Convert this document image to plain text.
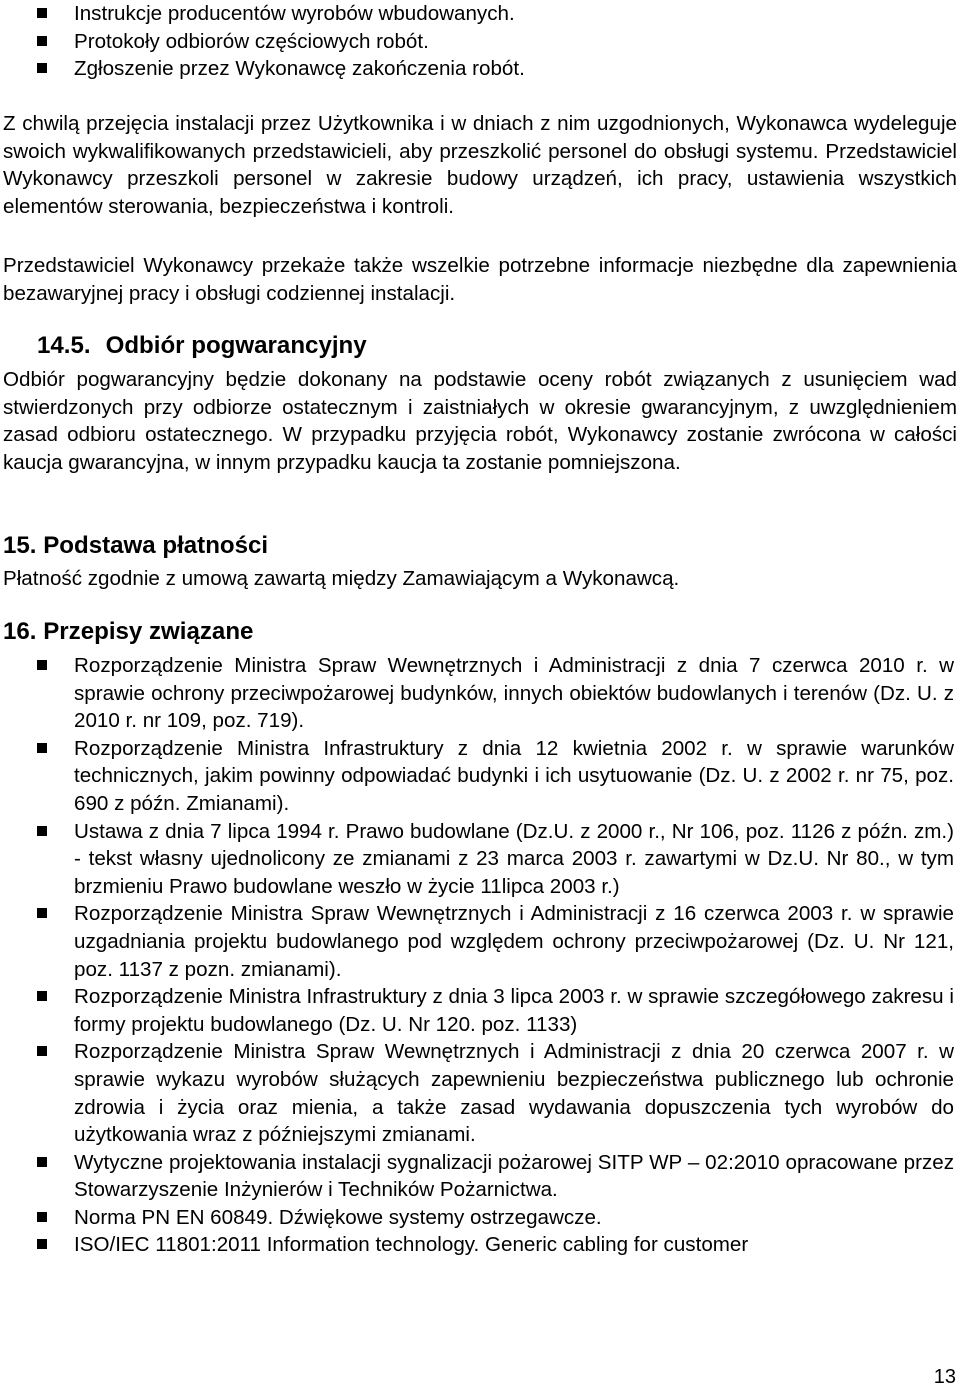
Instrukcje producentów wyrobów wbudowanych.
Protokoły odbiorów częściowych robót.
Zgłoszenie przez Wykonawcę zakończenia robót.

Z chwilą przejęcia instalacji przez Użytkownika i w dniach z nim uzgodnionych, Wykonawca wydeleguje swoich wykwalifikowanych przedstawicieli, aby przeszkolić personel do obsługi systemu. Przedstawiciel Wykonawcy przeszkoli personel w zakresie budowy urządzeń, ich pracy, ustawienia wszystkich elementów sterowania, bezpieczeństwa i kontroli.

Przedstawiciel Wykonawcy przekaże także wszelkie potrzebne informacje niezbędne dla zapewnienia bezawaryjnej pracy i obsługi codziennej instalacji.

14.5. Odbiór pogwarancyjny

Odbiór pogwarancyjny będzie dokonany na podstawie oceny robót związanych z usunięciem wad stwierdzonych przy odbiorze ostatecznym i zaistniałych w okresie gwarancyjnym, z uwzględnieniem zasad odbioru ostatecznego. W przypadku przyjęcia robót, Wykonawcy zostanie zwrócona w całości kaucja gwarancyjna, w innym przypadku kaucja ta zostanie pomniejszona.

15. Podstawa płatności

Płatność zgodnie z umową zawartą między Zamawiającym a Wykonawcą.

16. Przepisy związane
Rozporządzenie Ministra Spraw Wewnętrznych i Administracji z dnia 7 czerwca 2010 r. w sprawie ochrony przeciwpożarowej budynków, innych obiektów budowlanych i terenów (Dz. U. z 2010 r. nr 109, poz. 719).
Rozporządzenie Ministra Infrastruktury z dnia 12 kwietnia 2002 r. w sprawie warunków technicznych, jakim powinny odpowiadać budynki i ich usytuowanie (Dz. U. z 2002 r. nr 75, poz. 690 z późn. Zmianami).
Ustawa z dnia 7 lipca 1994 r. Prawo budowlane (Dz.U. z 2000 r., Nr 106, poz. 1126 z późn. zm.) - tekst własny ujednolicony ze zmianami z 23 marca 2003 r. zawartymi w Dz.U. Nr 80., w tym brzmieniu Prawo budowlane weszło w życie 11lipca 2003 r.)
Rozporządzenie Ministra Spraw Wewnętrznych i Administracji z 16 czerwca 2003 r. w sprawie uzgadniania projektu budowlanego pod względem ochrony przeciwpożarowej (Dz. U. Nr 121, poz. 1137 z pozn. zmianami).
Rozporządzenie Ministra Infrastruktury z dnia 3 lipca 2003 r. w sprawie szczegółowego zakresu i formy projektu budowlanego (Dz. U. Nr 120. poz. 1133)
Rozporządzenie Ministra Spraw Wewnętrznych i Administracji z dnia 20 czerwca 2007 r. w sprawie wykazu wyrobów służących zapewnieniu bezpieczeństwa publicznego lub ochronie zdrowia i życia oraz mienia, a także zasad wydawania dopuszczenia tych wyrobów do użytkowania wraz z późniejszymi zmianami.
Wytyczne projektowania instalacji sygnalizacji pożarowej SITP WP – 02:2010 opracowane przez Stowarzyszenie Inżynierów i Techników Pożarnictwa.
Norma PN EN 60849. Dźwiękowe systemy ostrzegawcze.
ISO/IEC 11801:2011 Information technology. Generic cabling for customer
13
